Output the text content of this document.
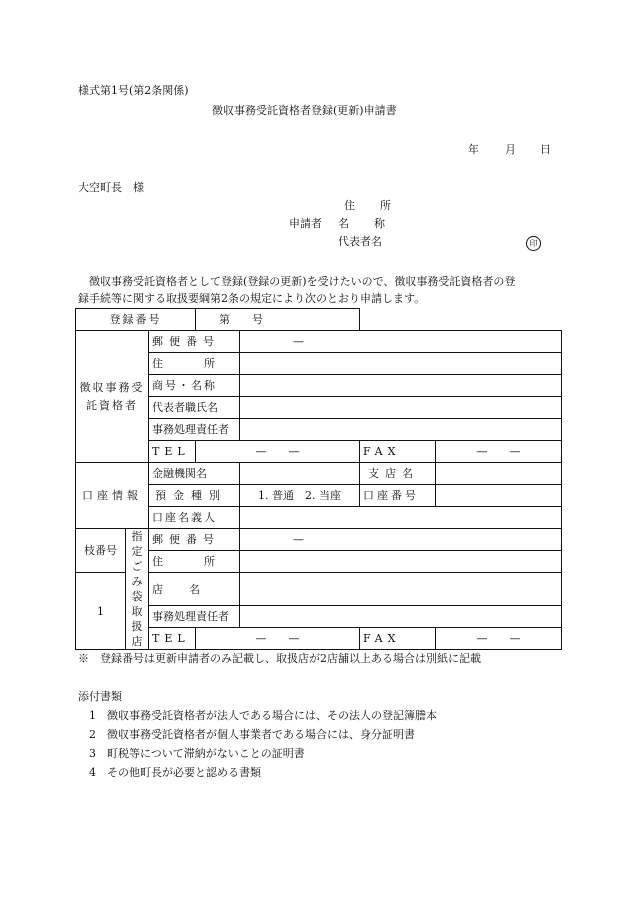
様式第1号(第2条関係)
徴収事務受託資格者登録(更新)申請書
年 月 日
大空町長　様
住　　所
申請者 名　　称
代表者名	印
徴収事務受託資格者として登録(登録の更新)を受けたいので、徴収事務受託資格者の登
録手続等に関する取扱要綱第2条の規定により次のとおり申請します。
登録番号			第　　号			

徴収事務受託資格者		郵便番号		—		
		住　　　所				
		商号・名称				
		代表者職氏名				
		事務処理責任者				
		TEL	—　　—		FAX	—　　—
口座情報		金融機関名			支店名	
		預金種別		1. 普通　2. 当座	口座番号	
		口座名義人				
枝番号	指定ごみ袋取扱店	郵便番号		—		
		住　　　所				
1		店名				
		事務処理責任者				
		TEL	—　　—		FAX	—　　—
※　登録番号は更新申請者のみ記載し、取扱店が2店舗以上ある場合は別紙に記載
添付書類
1　徴収事務受託資格者が法人である場合には、その法人の登記簿謄本
2　徴収事務受託資格者が個人事業者である場合には、身分証明書
3　町税等について滞納がないことの証明書
4　その他町長が必要と認める書類
